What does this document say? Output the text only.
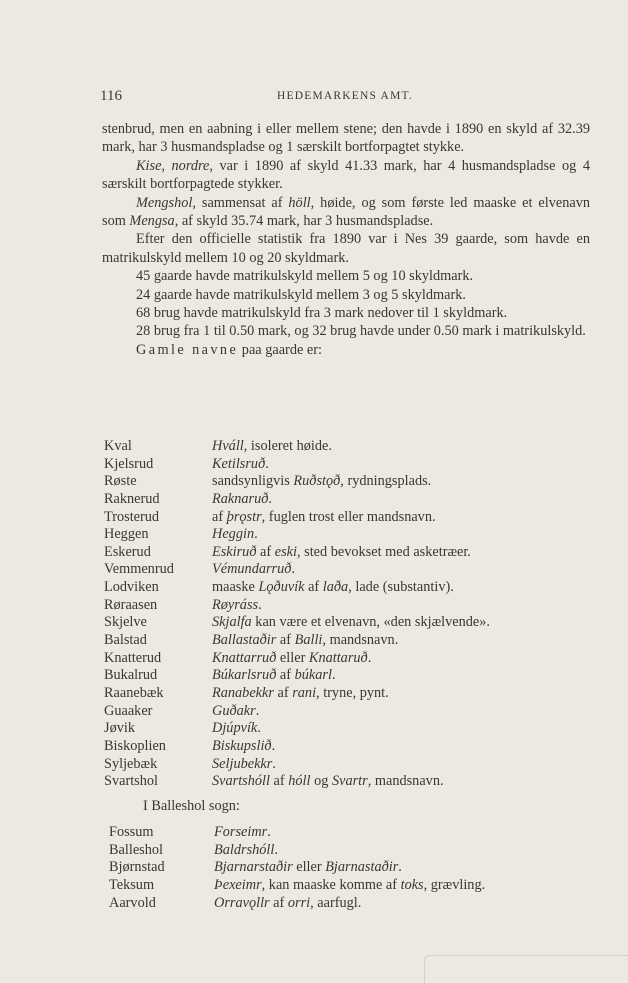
116	HEDEMARKENS AMT.

stenbrud, men en aabning i eller mellem stene; den havde i 1890 en skyld af 32.39 mark, har 3 husmandspladse og 1 særskilt bortforpagtet stykke.

Kise, nordre, var i 1890 af skyld 41.33 mark, har 4 husmandspladse og 4 særskilt bortforpagtede stykker.

Mengshol, sammensat af höll, høide, og som første led maaske et elvenavn som Mengsa, af skyld 35.74 mark, har 3 husmandspladse.

Efter den officielle statistik fra 1890 var i Nes 39 gaarde, som havde en matrikulskyld mellem 10 og 20 skyldmark.

45 gaarde havde matrikulskyld mellem 5 og 10 skyldmark.

24 gaarde havde matrikulskyld mellem 3 og 5 skyldmark.

68 brug havde matrikulskyld fra 3 mark nedover til 1 skyldmark.

28 brug fra 1 til 0.50 mark, og 32 brug havde under 0.50 mark i matrikulskyld.

Gamle navne paa gaarde er:

Kval	Hváll, isoleret høide.
Kjelsrud	Ketilsruð.
Røste	sandsynligvis Ruðstǫð, rydningsplads.
Raknerud	Raknaruð.
Trosterud	af þrǫstr, fuglen trost eller mandsnavn.
Heggen	Heggin.
Eskerud	Eskiruð af eski, sted bevokset med asketræer.
Vemmenrud	Vémundarruð.
Lodviken	maaske Lǫðuvík af laða, lade (substantiv).
Røraasen	Røyráss.
Skjelve	Skjalfa kan være et elvenavn, «den skjælvende».
Balstad	Ballastaðir af Balli, mandsnavn.
Knatterud	Knattarruð eller Knattaruð.
Bukalrud	Búkarlsruð af búkarl.
Raanebæk	Ranabekkr af rani, tryne, pynt.
Guaaker	Guðakr.
Jøvik	Djúpvík.
Biskoplien	Biskupslið.
Syljebæk	Seljubekkr.
Svartshol	Svartshóll af hóll og Svartr, mandsnavn.
I Balleshol sogn:
Fossum	Forseimr.
Balleshol	Baldrshóll.
Bjørnstad	Bjarnarstaðir eller Bjarnastaðir.
Teksum	Þexeimr, kan maaske komme af toks, grævling.
Aarvold	Orravǫllr af orri, aarfugl.
